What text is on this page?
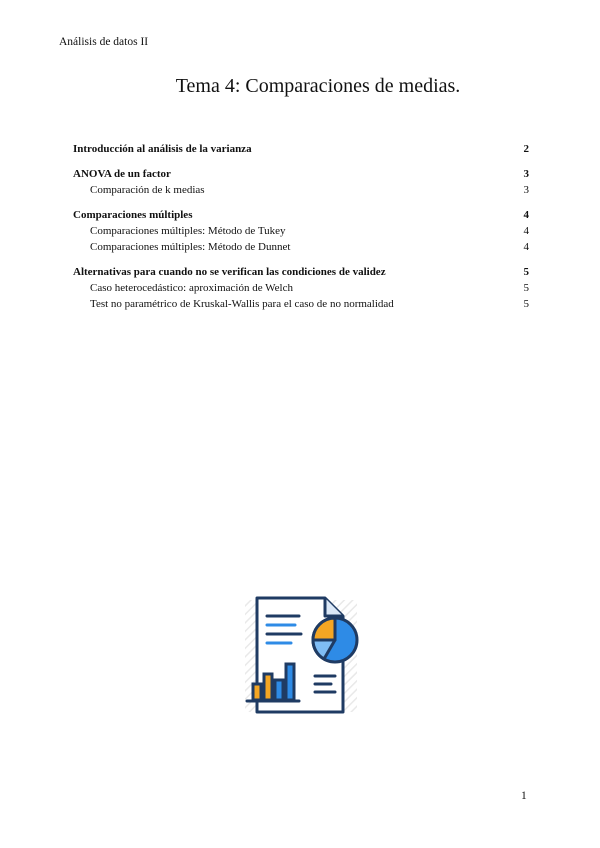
Análisis de datos II
Tema 4: Comparaciones de medias.
Introducción al análisis de la varianza	2
ANOVA de un factor	3
Comparación de k medias	3
Comparaciones múltiples	4
Comparaciones múltiples: Método de Tukey	4
Comparaciones múltiples: Método de Dunnet	4
Alternativas para cuando no se verifican las condiciones de validez	5
Caso heterocedástico: aproximación de Welch	5
Test no paramétrico de Kruskal-Wallis para el caso de no normalidad	5
1
